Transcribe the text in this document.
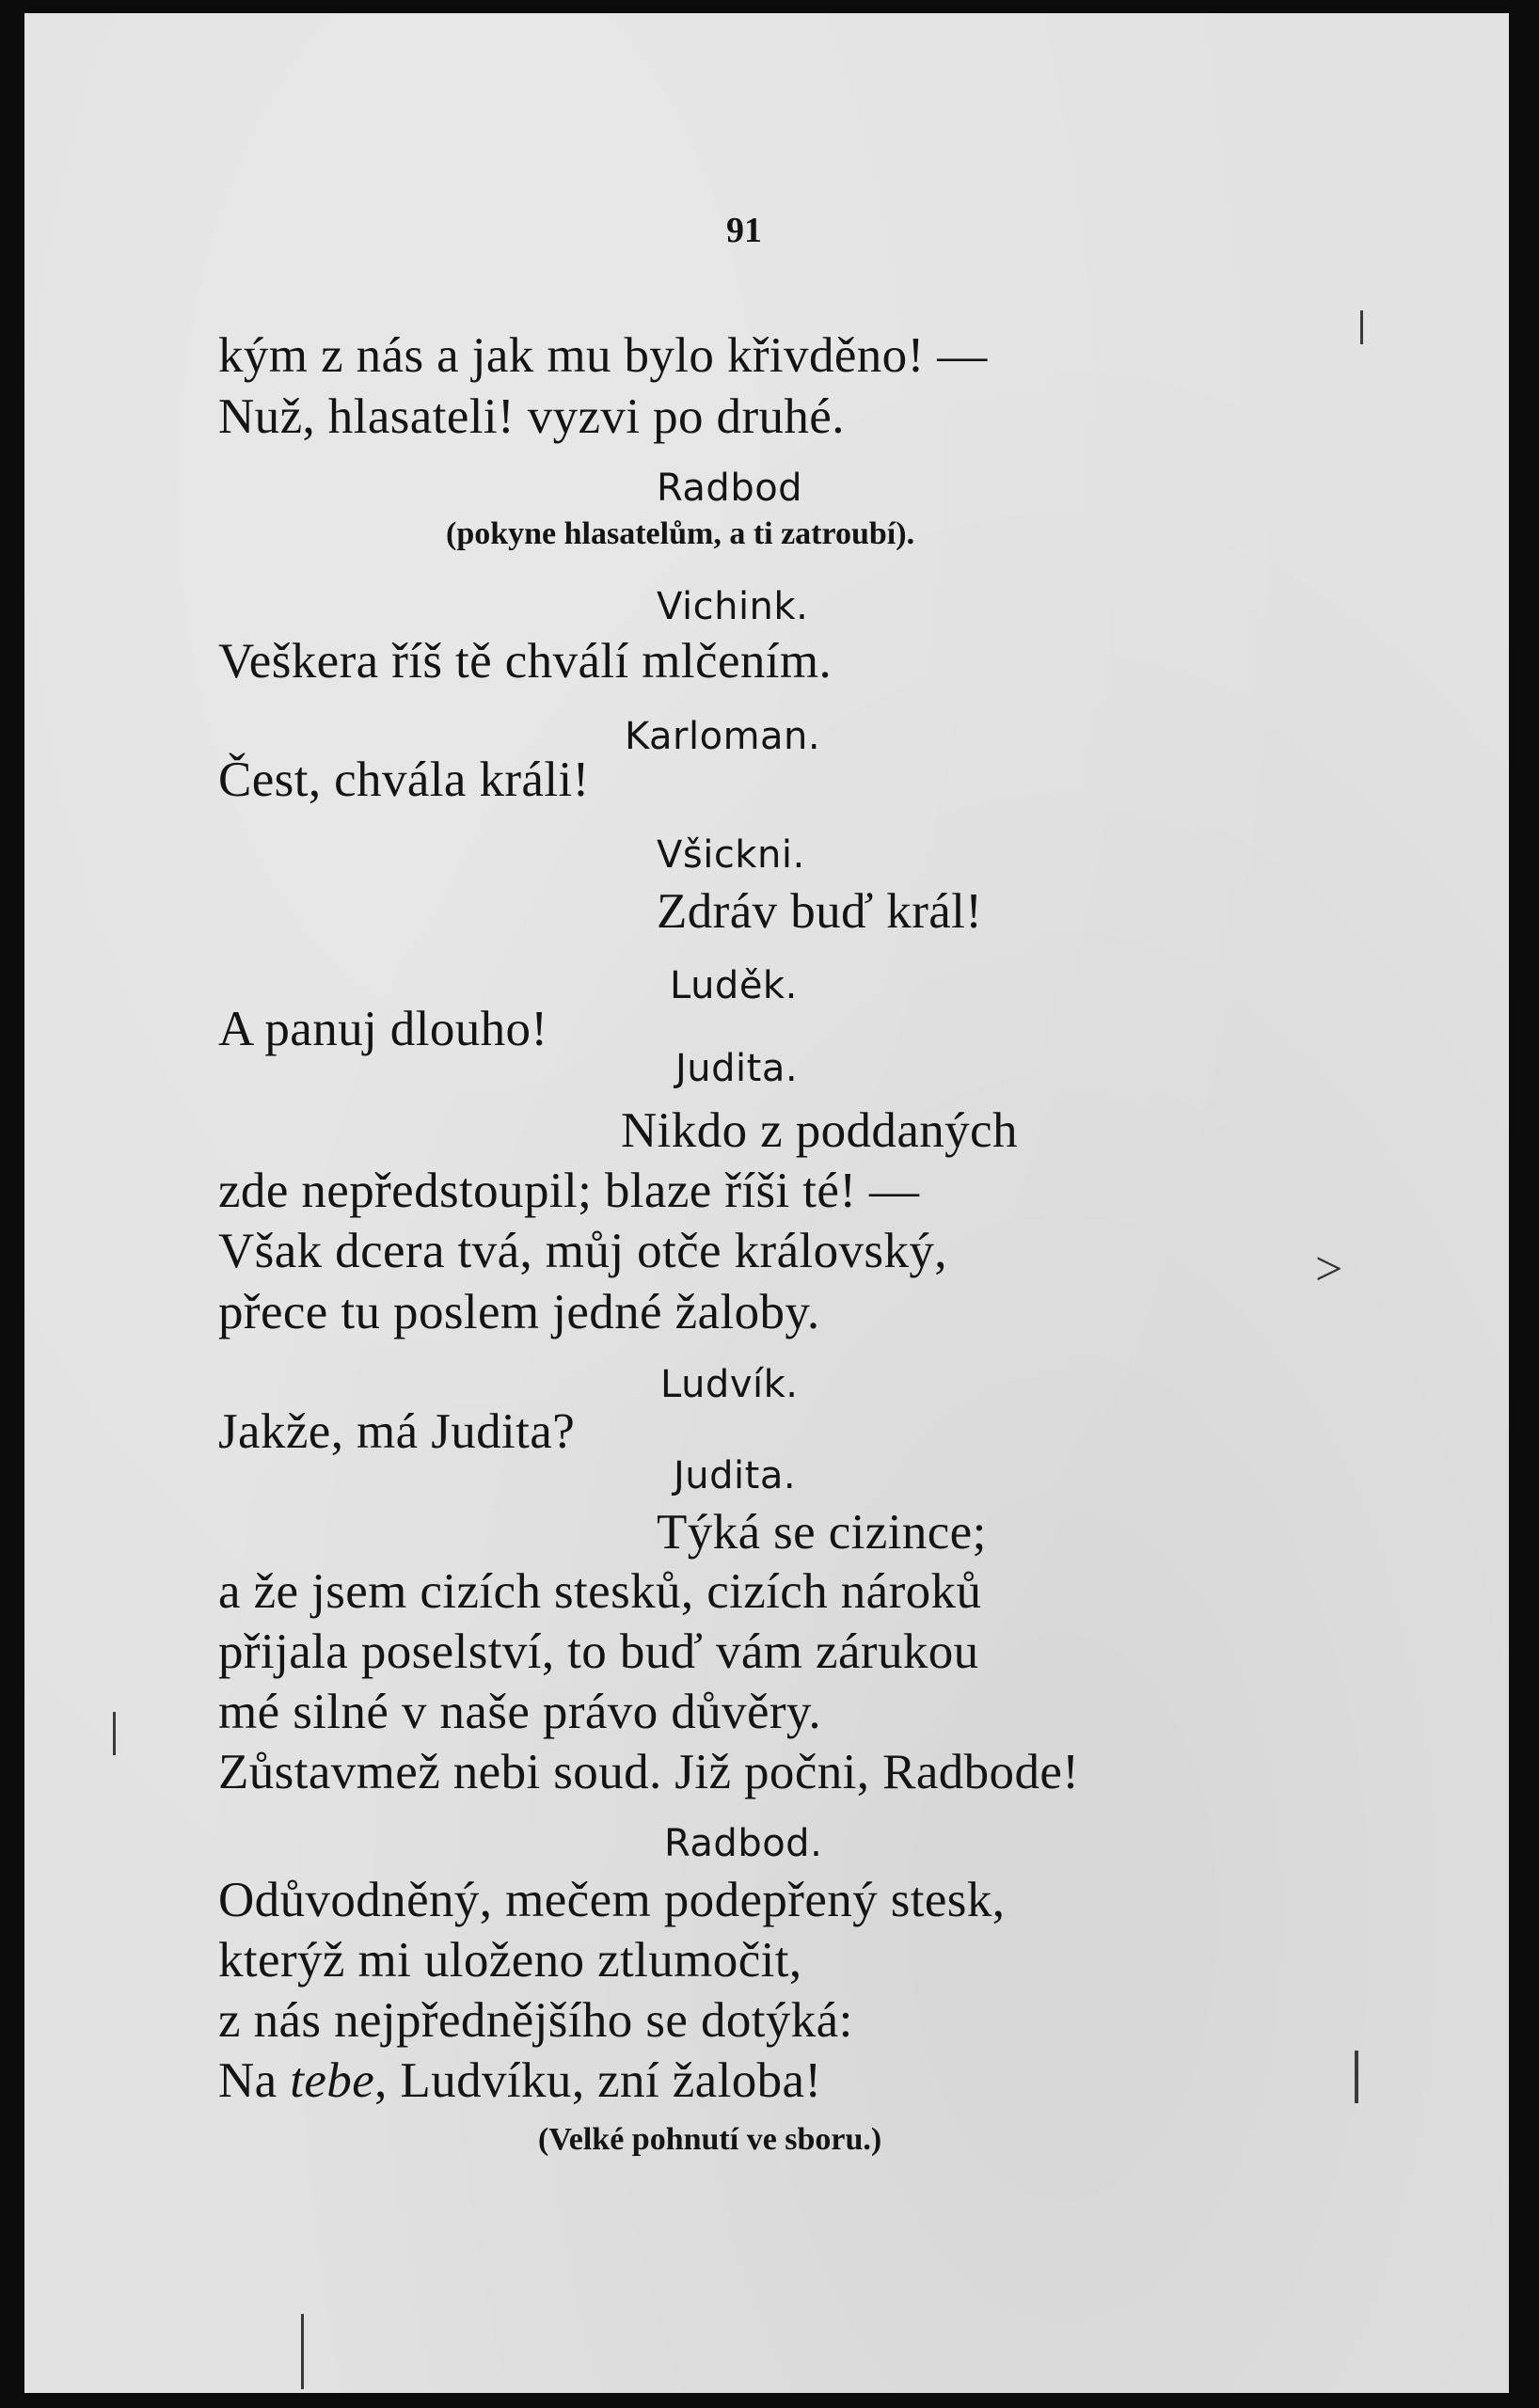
91
kým z nás a jak mu bylo křivděno! —
Nuž, hlasateli! vyzvi po druhé.
Radbod
(pokyne hlasatelům, a ti zatroubí).
Vichink.
Veškera říš tě chválí mlčením.
Karloman.
Čest, chvála králi!
Všickni.
Zdráv buď král!
Luděk.
A panuj dlouho!
Judita.
Nikdo z poddaných
zde nepředstoupil; blaze říši té! —
Však dcera tvá, můj otče královský,
přece tu poslem jedné žaloby.
Ludvík.
Jakže, má Judita?
Judita.
Týká se cizince;
a že jsem cizích stesků, cizích nároků
přijala poselství, to buď vám zárukou
mé silné v naše právo důvěry.
Zůstavmež nebi soud. Již počni, Radbode!
Radbod.
Odůvodněný, mečem podepřený stesk,
kterýž mi uloženo ztlumočit,
z nás nejpřednějšího se dotýká:
Na tebe, Ludvíku, zní žaloba!
(Velké pohnutí ve sboru.)
>
